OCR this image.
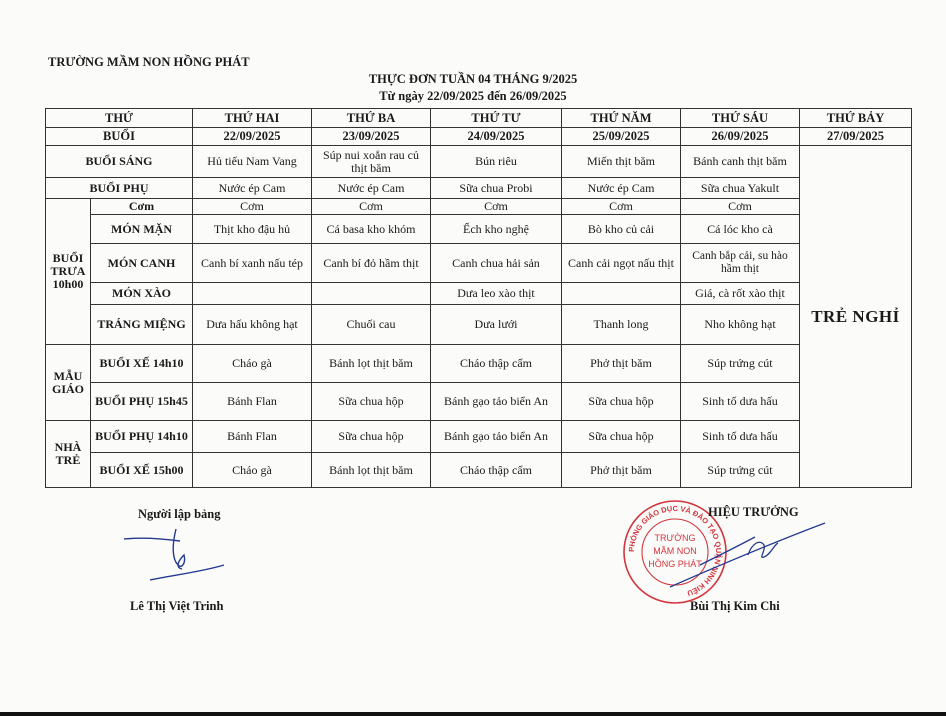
TRƯỜNG MẦM NON HỒNG PHÁT
THỰC ĐƠN TUẦN 04 THÁNG 9/2025
Từ ngày 22/09/2025 đến 26/09/2025
THỨ		THỨ HAI	THỨ BA	THỨ TƯ	THỨ NĂM	THỨ SÁU	THỨ BẢY
BUỔI		22/09/2025	23/09/2025	24/09/2025	25/09/2025	26/09/2025	27/09/2025
BUỔI SÁNG		Hủ tiếu Nam Vang	Súp nui xoắn rau củ thịt băm	Bún riêu	Miến thịt băm	Bánh canh thịt băm	TRẺ NGHỈ
BUỔI PHỤ		Nước ép Cam	Nước ép Cam	Sữa chua Probi	Nước ép Cam	Sữa chua Yakult	

BUỔI
TRƯA
10h00	Cơm	Cơm	Cơm	Cơm	Cơm	Cơm	
	MÓN MẶN	Thịt kho đậu hủ	Cá basa kho khóm	Ếch kho nghệ	Bò kho củ cải	Cá lóc kho cà	
	MÓN CANH	Canh bí xanh nấu tép	Canh bí đỏ hầm thịt	Canh chua hải sản	Canh cải ngọt nấu thịt	Canh bắp cải, su hào hầm thịt	
	MÓN XÀO			Dưa leo xào thịt		Giá, cà rốt xào thịt	
	TRÁNG MIỆNG	Dưa hấu không hạt	Chuối cau	Dưa lưới	Thanh long	Nho không hạt	

MẪU
GIÁO	BUỔI XẾ 14h10	Cháo gà	Bánh lọt thịt băm	Cháo thập cẩm	Phở thịt băm	Súp trứng cút	
	BUỔI PHỤ 15h45	Bánh Flan	Sữa chua hộp	Bánh gạo tảo biển An	Sữa chua hộp	Sinh tố dưa hấu	

NHÀ
TRẺ	BUỔI PHỤ 14h10	Bánh Flan	Sữa chua hộp	Bánh gạo tảo biển An	Sữa chua hộp	Sinh tố dưa hấu	
	BUỔI XẾ 15h00	Cháo gà	Bánh lọt thịt băm	Cháo thập cẩm	Phở thịt băm	Súp trứng cút	
Người lập bảng
Lê Thị Việt Trinh
PHÒNG GIÁO DỤC VÀ ĐÀO TẠO QUẬN NINH KIỀU
TRƯỜNG
MẦM NON
HỒNG PHÁT
HIỆU TRƯỞNG
Bùi Thị Kim Chi
